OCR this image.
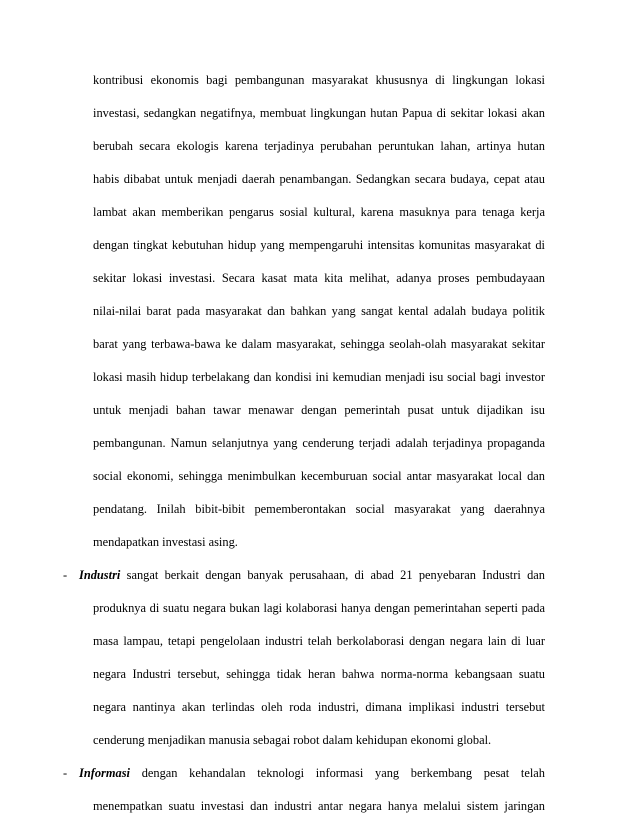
kontribusi ekonomis bagi pembangunan masyarakat khususnya di lingkungan lokasi
investasi, sedangkan negatifnya, membuat lingkungan hutan Papua di sekitar lokasi akan
berubah secara ekologis karena terjadinya perubahan peruntukan lahan, artinya hutan
habis dibabat untuk menjadi daerah penambangan. Sedangkan secara budaya, cepat atau
lambat akan memberikan pengarus sosial kultural, karena masuknya para tenaga kerja
dengan tingkat kebutuhan hidup yang mempengaruhi intensitas komunitas masyarakat di
sekitar lokasi investasi. Secara kasat mata kita melihat, adanya proses pembudayaan
nilai-nilai barat pada masyarakat dan bahkan yang sangat kental adalah budaya politik
barat yang terbawa-bawa ke dalam masyarakat, sehingga seolah-olah masyarakat sekitar
lokasi masih hidup terbelakang dan kondisi ini kemudian menjadi isu social bagi investor
untuk menjadi bahan tawar menawar dengan pemerintah pusat untuk dijadikan isu
pembangunan. Namun selanjutnya yang cenderung terjadi adalah terjadinya propaganda
social ekonomi, sehingga menimbulkan kecemburuan social antar masyarakat local dan
pendatang. Inilah bibit-bibit pememberontakan social masyarakat yang daerahnya
mendapatkan investasi asing.
- Industri sangat berkait dengan banyak perusahaan, di abad 21 penyebaran Industri dan
produknya di suatu negara bukan lagi kolaborasi hanya dengan pemerintahan seperti pada
masa lampau, tetapi pengelolaan industri telah berkolaborasi dengan negara lain di luar
negara Industri tersebut, sehingga tidak heran bahwa norma-norma kebangsaan suatu
negara nantinya akan terlindas oleh roda industri, dimana implikasi industri tersebut
cenderung menjadikan manusia sebagai robot dalam kehidupan ekonomi global.
- Informasi dengan kehandalan teknologi informasi yang berkembang pesat telah
menempatkan suatu investasi dan industri antar negara hanya melalui sistem jaringan
